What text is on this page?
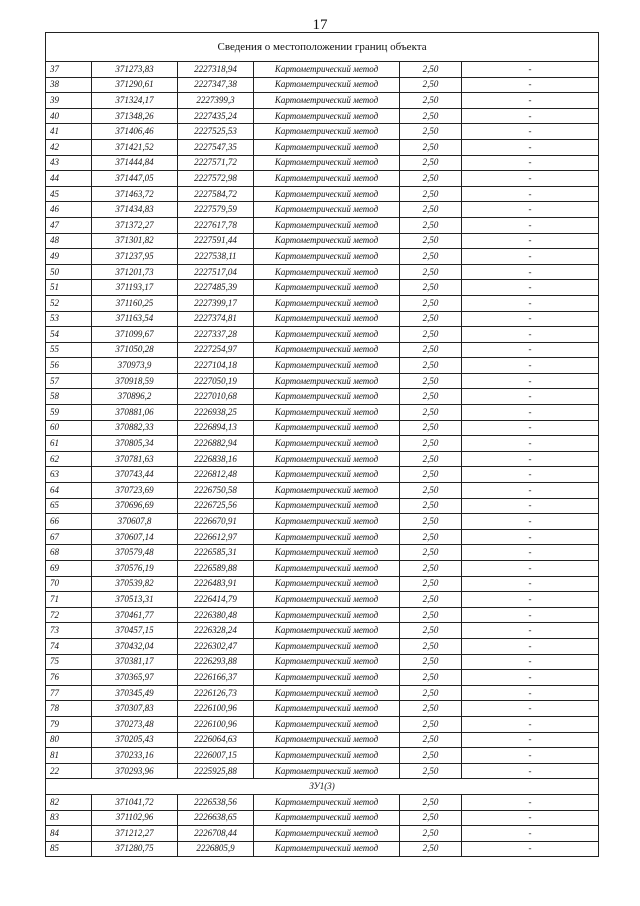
17
Сведения о местоположении границ объекта					
37	371273,83	2227318,94	Картометрический метод	2,50	-
38	371290,61	2227347,38	Картометрический метод	2,50	-
39	371324,17	2227399,3	Картометрический метод	2,50	-
40	371348,26	2227435,24	Картометрический метод	2,50	-
41	371406,46	2227525,53	Картометрический метод	2,50	-
42	371421,52	2227547,35	Картометрический метод	2,50	-
43	371444,84	2227571,72	Картометрический метод	2,50	-
44	371447,05	2227572,98	Картометрический метод	2,50	-
45	371463,72	2227584,72	Картометрический метод	2,50	-
46	371434,83	2227579,59	Картометрический метод	2,50	-
47	371372,27	2227617,78	Картометрический метод	2,50	-
48	371301,82	2227591,44	Картометрический метод	2,50	-
49	371237,95	2227538,11	Картометрический метод	2,50	-
50	371201,73	2227517,04	Картометрический метод	2,50	-
51	371193,17	2227485,39	Картометрический метод	2,50	-
52	371160,25	2227399,17	Картометрический метод	2,50	-
53	371163,54	2227374,81	Картометрический метод	2,50	-
54	371099,67	2227337,28	Картометрический метод	2,50	-
55	371050,28	2227254,97	Картометрический метод	2,50	-
56	370973,9	2227104,18	Картометрический метод	2,50	-
57	370918,59	2227050,19	Картометрический метод	2,50	-
58	370896,2	2227010,68	Картометрический метод	2,50	-
59	370881,06	2226938,25	Картометрический метод	2,50	-
60	370882,33	2226894,13	Картометрический метод	2,50	-
61	370805,34	2226882,94	Картометрический метод	2,50	-
62	370781,63	2226838,16	Картометрический метод	2,50	-
63	370743,44	2226812,48	Картометрический метод	2,50	-
64	370723,69	2226750,58	Картометрический метод	2,50	-
65	370696,69	2226725,56	Картометрический метод	2,50	-
66	370607,8	2226670,91	Картометрический метод	2,50	-
67	370607,14	2226612,97	Картометрический метод	2,50	-
68	370579,48	2226585,31	Картометрический метод	2,50	-
69	370576,19	2226589,88	Картометрический метод	2,50	-
70	370539,82	2226483,91	Картометрический метод	2,50	-
71	370513,31	2226414,79	Картометрический метод	2,50	-
72	370461,77	2226380,48	Картометрический метод	2,50	-
73	370457,15	2226328,24	Картометрический метод	2,50	-
74	370432,04	2226302,47	Картометрический метод	2,50	-
75	370381,17	2226293,88	Картометрический метод	2,50	-
76	370365,97	2226166,37	Картометрический метод	2,50	-
77	370345,49	2226126,73	Картометрический метод	2,50	-
78	370307,83	2226100,96	Картометрический метод	2,50	-
79	370273,48	2226100,96	Картометрический метод	2,50	-
80	370205,43	2226064,63	Картометрический метод	2,50	-
81	370233,16	2226007,15	Картометрический метод	2,50	-
22	370293,96	2225925,88	Картометрический метод	2,50	-
ЗУ1(3)					
82	371041,72	2226538,56	Картометрический метод	2,50	-
83	371102,96	2226638,65	Картометрический метод	2,50	-
84	371212,27	2226708,44	Картометрический метод	2,50	-
85	371280,75	2226805,9	Картометрический метод	2,50	-
